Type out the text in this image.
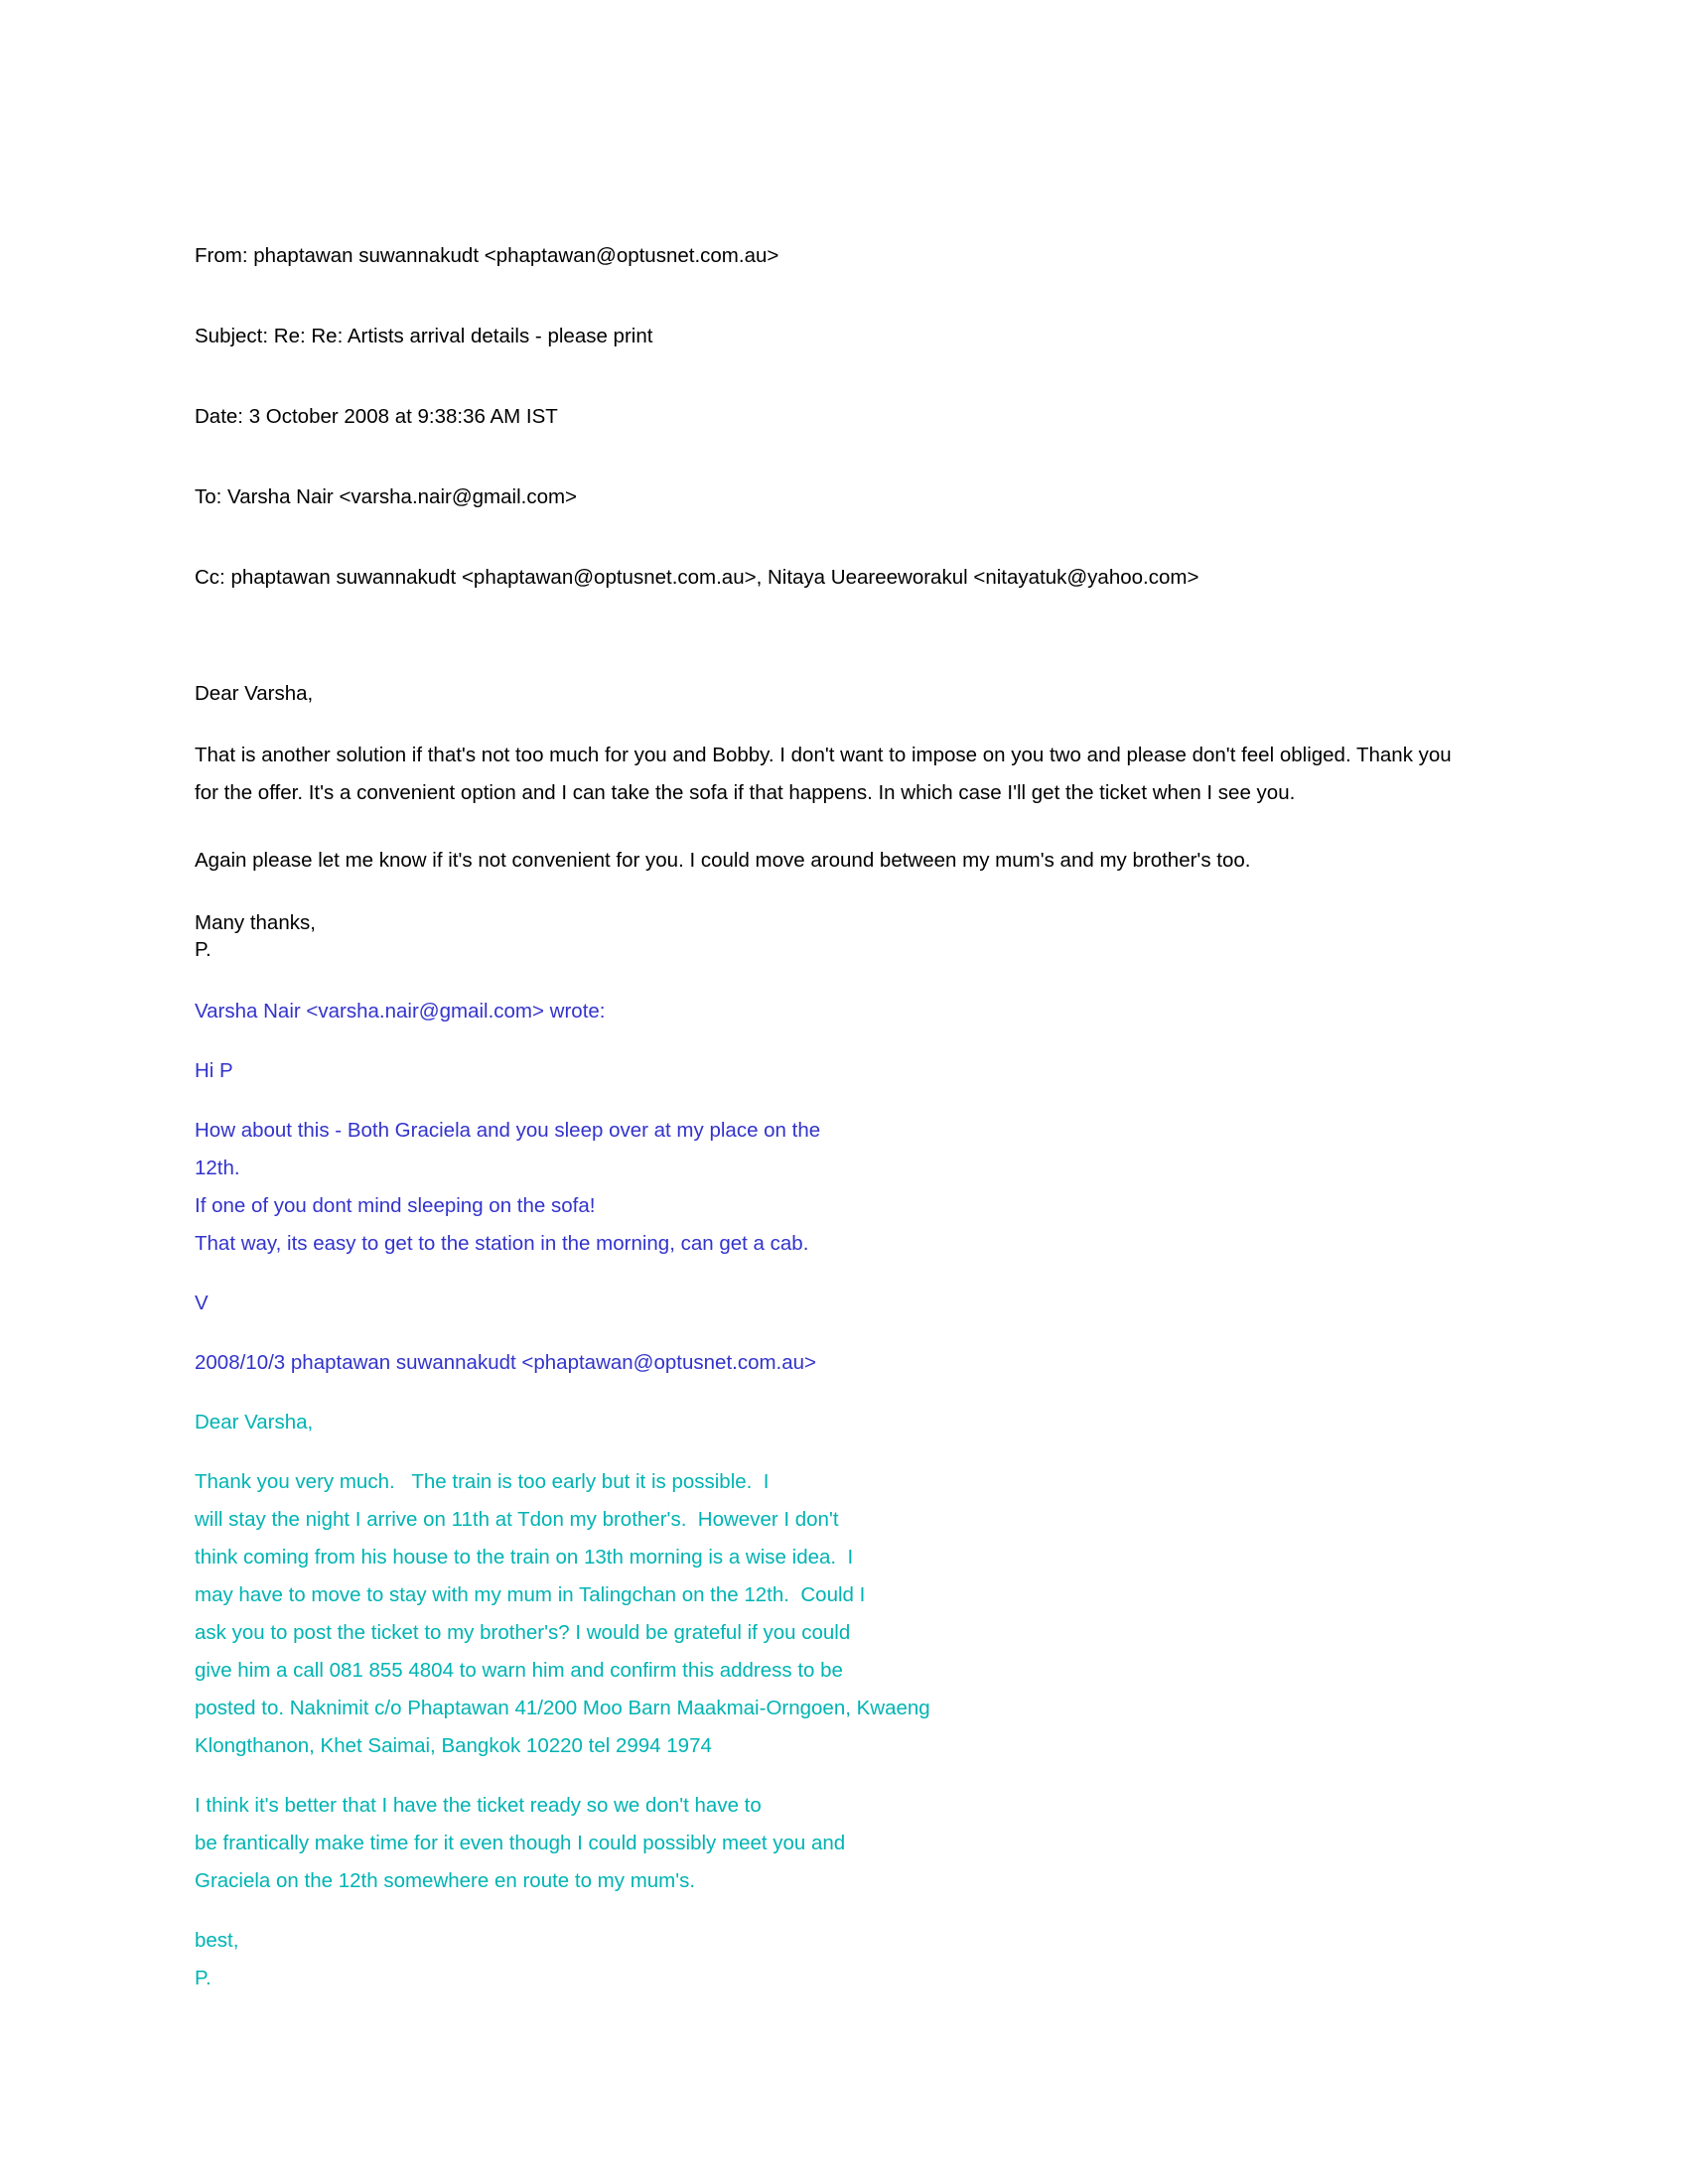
From: phaptawan suwannakudt <phaptawan@optusnet.com.au>

Subject: Re: Re: Artists arrival details - please print

Date: 3 October 2008 at 9:38:36 AM IST

To: Varsha Nair <varsha.nair@gmail.com>

Cc: phaptawan suwannakudt <phaptawan@optusnet.com.au>, Nitaya Ueareeworakul <nitayatuk@yahoo.com>

Dear Varsha,
That is another solution if that's not too much for you and Bobby. I don't want to impose on you two and please don't feel obliged. Thank you for the offer. It's a convenient option and I can take the sofa if that happens. In which case I'll get the ticket when I see you.
Again please let me know if it's not convenient for you. I could move around between my mum's and my brother's too.
Many thanks,
P.
Varsha Nair <varsha.nair@gmail.com> wrote:
Hi P
How about this - Both Graciela and you sleep over at my place on the
12th.
If one of you dont mind sleeping on the sofa!
That way, its easy to get to the station in the morning, can get a cab.
V
2008/10/3 phaptawan suwannakudt <phaptawan@optusnet.com.au>
Dear Varsha,
Thank you very much.   The train is too early but it is possible.  I
will stay the night I arrive on 11th at Tdon my brother's.  However I don't
think coming from his house to the train on 13th morning is a wise idea.  I
may have to move to stay with my mum in Talingchan on the 12th.  Could I
ask you to post the ticket to my brother's? I would be grateful if you could
give him a call 081 855 4804 to warn him and confirm this address to be
posted to. Naknimit c/o Phaptawan 41/200 Moo Barn Maakmai-Orngoen, Kwaeng
Klongthanon, Khet Saimai, Bangkok 10220 tel 2994 1974
I think it's better that I have the ticket ready so we don't have to
be frantically make time for it even though I could possibly meet you and
Graciela on the 12th somewhere en route to my mum's.
best,
P.
